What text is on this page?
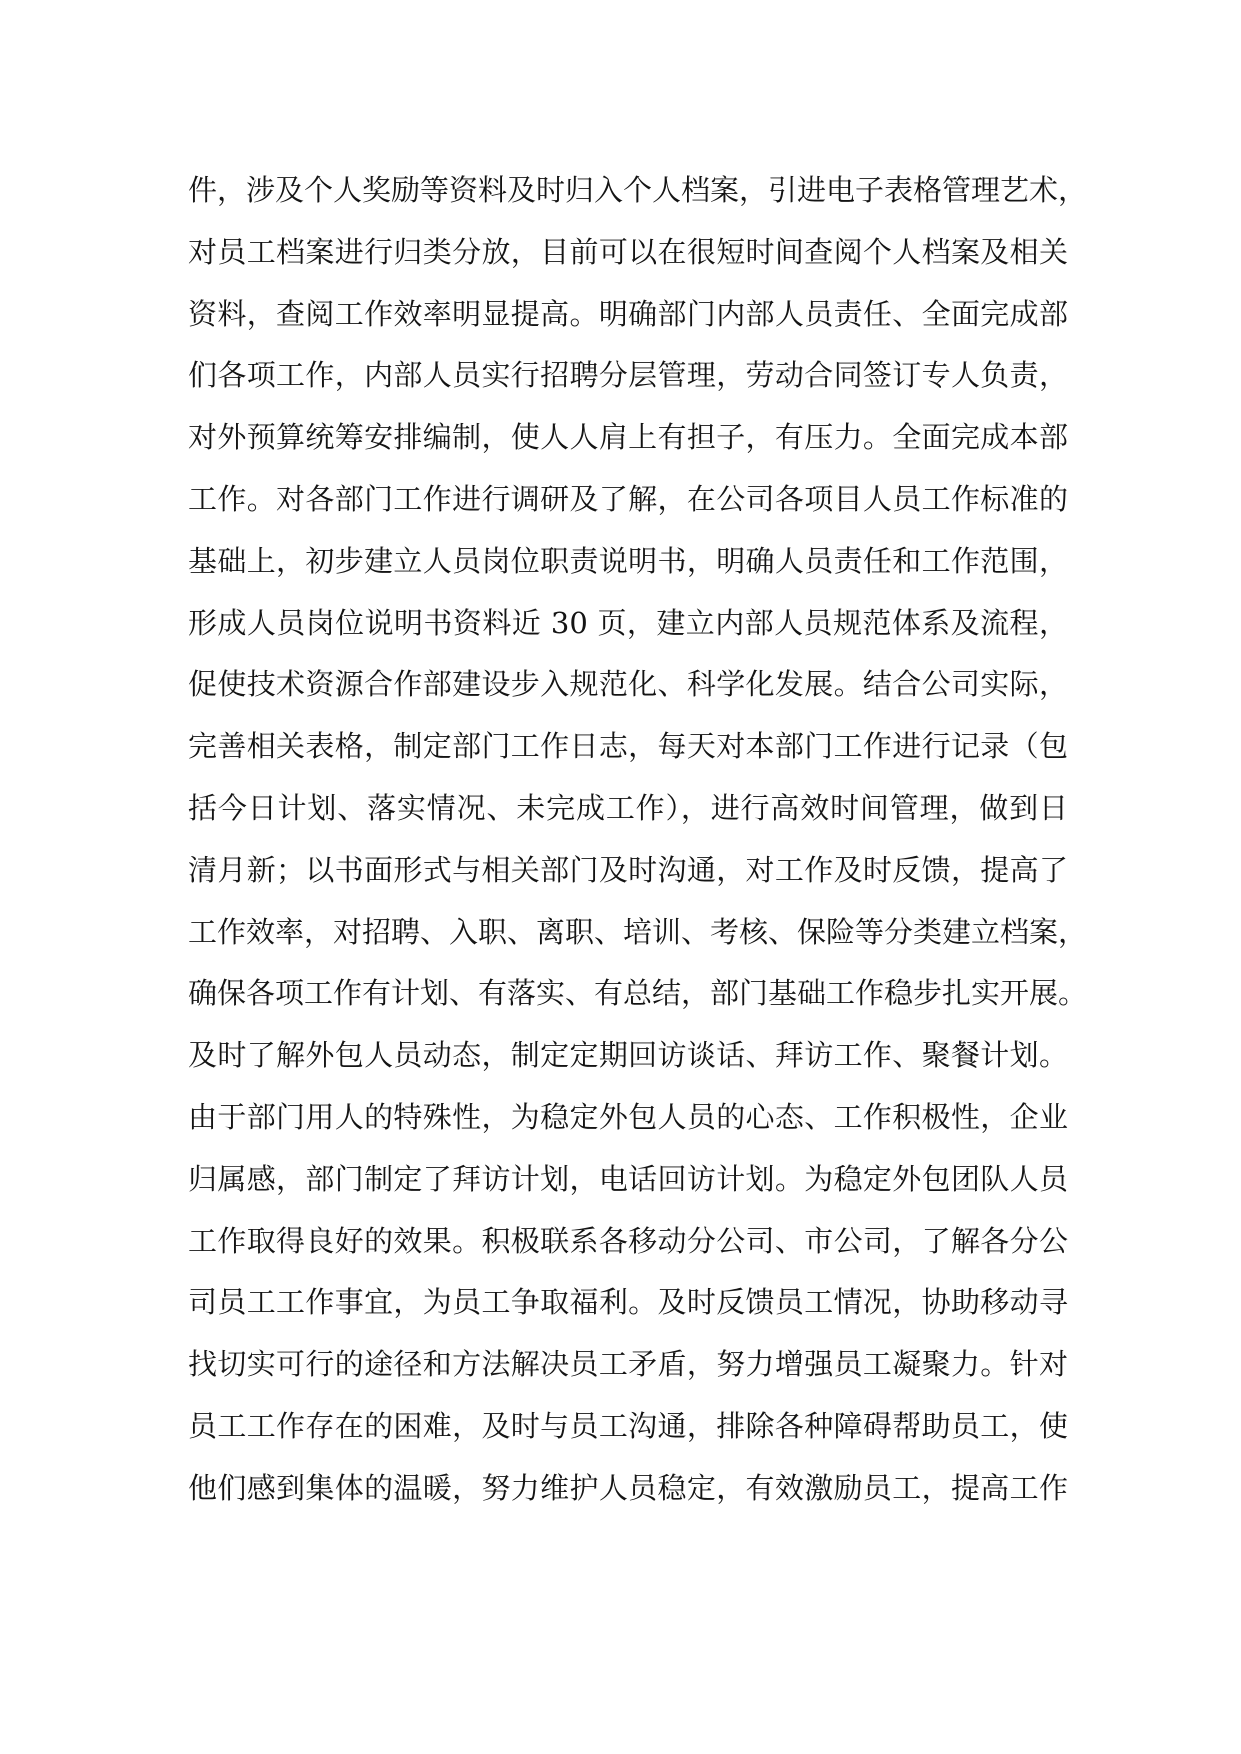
件，涉及个人奖励等资料及时归入个人档案，引进电子表格管理艺术，
对员工档案进行归类分放，目前可以在很短时间查阅个人档案及相关
资料，查阅工作效率明显提高。明确部门内部人员责任、全面完成部
们各项工作，内部人员实行招聘分层管理，劳动合同签订专人负责，
对外预算统筹安排编制，使人人肩上有担子，有压力。全面完成本部
工作。对各部门工作进行调研及了解，在公司各项目人员工作标准的
基础上，初步建立人员岗位职责说明书，明确人员责任和工作范围，
形成人员岗位说明书资料近 30 页，建立内部人员规范体系及流程，
促使技术资源合作部建设步入规范化、科学化发展。结合公司实际，
完善相关表格，制定部门工作日志，每天对本部门工作进行记录（包
括今日计划、落实情况、未完成工作），进行高效时间管理，做到日
清月新；以书面形式与相关部门及时沟通，对工作及时反馈，提高了
工作效率，对招聘、入职、离职、培训、考核、保险等分类建立档案，
确保各项工作有计划、有落实、有总结，部门基础工作稳步扎实开展。
及时了解外包人员动态，制定定期回访谈话、拜访工作、聚餐计划。
由于部门用人的特殊性，为稳定外包人员的心态、工作积极性，企业
归属感，部门制定了拜访计划，电话回访计划。为稳定外包团队人员
工作取得良好的效果。积极联系各移动分公司、市公司，了解各分公
司员工工作事宜，为员工争取福利。及时反馈员工情况，协助移动寻
找切实可行的途径和方法解决员工矛盾，努力增强员工凝聚力。针对
员工工作存在的困难，及时与员工沟通，排除各种障碍帮助员工，使
他们感到集体的温暖，努力维护人员稳定，有效激励员工，提高工作
